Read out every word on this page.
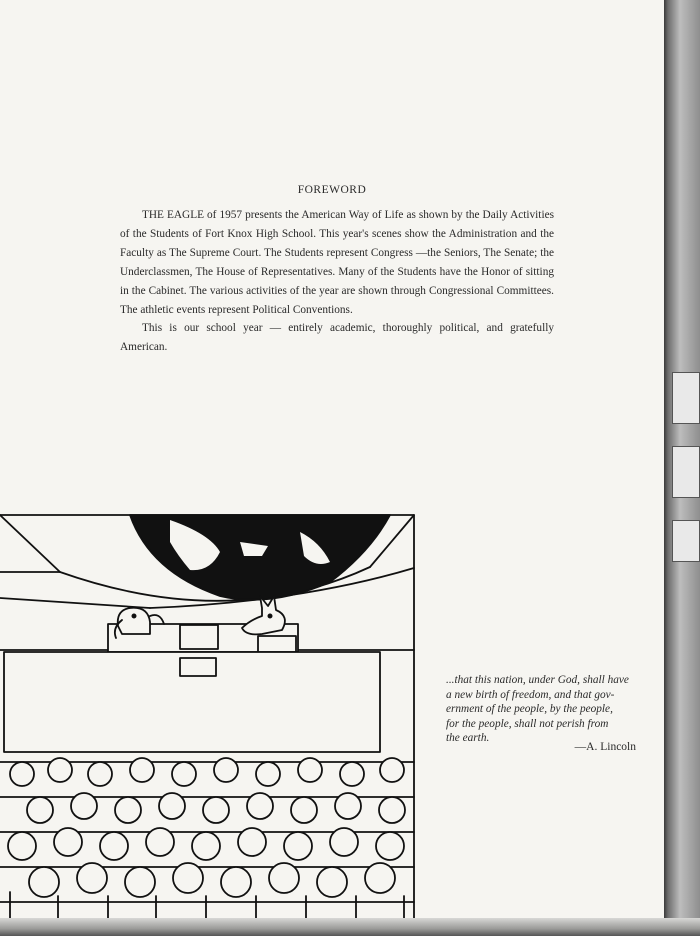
FOREWORD

THE EAGLE of 1957 presents the American Way of Life as shown by the Daily Activities of the Students of Fort Knox High School. This year's scenes show the Administration and the Faculty as The Supreme Court. The Students represent Congress —the Seniors, The Senate; the Underclassmen, The House of Representatives. Many of the Students have the Honor of sitting in the Cabinet. The various activities of the year are shown through Congressional Committees. The athletic events represent Political Conventions.

This is our school year — entirely academic, thoroughly political, and gratefully American.

...that this nation, under God, shall have
a new birth of freedom, and that gov-
ernment of the people, by the people,
for the people, shall not perish from
the earth.
—A. Lincoln
